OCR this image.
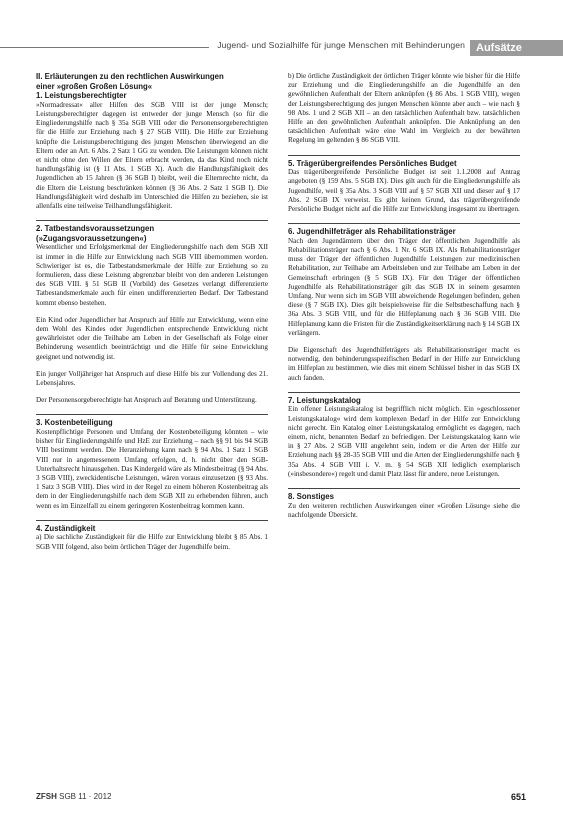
Jugend- und Sozialhilfe für junge Menschen mit Behinderungen	Aufsätze
II. Erläuterungen zu den rechtlichen Auswirkungen
einer »großen Großen Lösung«
1. Leistungsberechtigter

»Normadressat« aller Hilfen des SGB VIII ist der junge Mensch; Leistungsberechtigter dagegen ist entweder der junge Mensch (so für die Eingliederungshilfe nach § 35a SGB VIII oder die Personensorgeberechtigten für die Hilfe zur Erziehung nach § 27 SGB VIII). Die Hilfe zur Erziehung knüpfte die Leistungsberechtigung des jungen Menschen überwiegend an die Eltern oder an Art. 6 Abs. 2 Satz 1 GG zu wenden. Die Leistungen können nicht et nicht ohne den Willen der Eltern erbracht werden, da das Kind noch nicht handlungsfähig ist (§ 11 Abs. 1 SGB X). Auch die Handlungsfähigkeit des Jugendlichen ab 15 Jahren (§ 36 SGB I) bleibt, weil die Elternrechte nicht, da die Eltern die Leistung beschränken können (§ 36 Abs. 2 Satz 1 SGB I). Die Handlungsfähigkeit wird deshalb im Unterschied die Hilfen zu beziehen, sie ist allenfalls eine teilweise Teilhandlungsfähigkeit.

2. Tatbestandsvoraussetzungen
(»Zugangsvoraussetzungen«)

Wesentlicher und Erfolgsmerkmal der Eingliederungshilfe nach dem SGB XII ist immer in die Hilfe zur Entwicklung nach SGB VIII übernommen worden. Schwieriger ist es, die Tatbestandsmerkmale der Hilfe zur Erziehung so zu formulieren, dass diese Leistung abgrenzbar bleibt von den anderen Leistungen des SGB VIII. § 51 SGB II (Vorbild) des Gesetzes verlangt differenzierte Tatbestandsmerkmale auch für einen undifferenzierten Bedarf. Der Tatbestand kommt ebenso bestehen.

Ein Kind oder Jugendlicher hat Anspruch auf Hilfe zur Entwicklung, wenn eine dem Wohl des Kindes oder Jugendlichen entsprechende Entwicklung nicht gewährleistet oder die Teilhabe am Leben in der Gesellschaft als Folge einer Behinderung wesentlich beeinträchtigt und die Hilfe für seine Entwicklung geeignet und notwendig ist.

Ein junger Volljähriger hat Anspruch auf diese Hilfe bis zur Vollendung des 21. Lebensjahres.

Der Personensorgeberechtigte hat Anspruch auf Beratung und Unterstützung.

3. Kostenbeteiligung

Kostenpflichtige Personen und Umfang der Kostenbeteiligung könnten – wie bisher für Eingliederungshilfe und HzE zur Erziehung – nach §§ 91 bis 94 SGB VIII bestimmt werden. Die Heranziehung kann nach § 94 Abs. 1 Satz 1 SGB VIII nur in angemessenem Umfang erfolgen, d. h. nicht über den SGB-Unterhaltsrecht hinausgehen. Das Kindergeld wäre als Mindestbeitrag (§ 94 Abs. 3 SGB VIII), zweckidentische Leistungen, wären voraus einzusetzen (§ 93 Abs. 1 Satz 3 SGB VIII). Dies wird in der Regel zu einem höheren Kostenbeitrag als dem in der Eingliederungshilfe nach dem SGB XII zu erhebenden führen, auch wenn es im Einzelfall zu einem geringeren Kostenbeitrag kommen kann.

4. Zuständigkeit

a) Die sachliche Zuständigkeit für die Hilfe zur Entwicklung bleibt § 85 Abs. 1 SGB VIII folgend, also beim örtlichen Träger der Jugendhilfe beim.

b) Die örtliche Zuständigkeit der örtlichen Träger könnte wie bisher für die Hilfe zur Erziehung und die Eingliederungshilfe an die Jugendhilfe an den gewöhnlichen Aufenthalt der Eltern anknüpfen (§ 86 Abs. 1 SGB VIII), wegen der Leistungsberechtigung des jungen Menschen könnte aber auch – wie nach § 98 Abs. 1 und 2 SGB XII – an den tatsächlichen Aufenthalt bzw. tatsächlichen Hilfe an den gewöhnlichen Aufenthalt anknüpfen. Die Anknüpfung an den tatsächlichen Aufenthalt wäre eine Wahl im Vergleich zu der bewährten Regelung im geltenden § 86 SGB VIII.

5. Trägerübergreifendes Persönliches Budget

Das trägerübergreifende Persönliche Budget ist seit 1.1.2008 auf Antrag angeboten (§ 159 Abs. 5 SGB IX). Dies gilt auch für die Eingliederungshilfe als Jugendhilfe, weil § 35a Abs. 3 SGB VIII auf § 57 SGB XII und dieser auf § 17 Abs. 2 SGB IX verweist. Es gibt keinen Grund, das trägerübergreifende Persönliche Budget nicht auf die Hilfe zur Entwicklung insgesamt zu übertragen.

6. Jugendhilfeträger als Rehabilitationsträger

Nach den Jugendämtern über den Träger der öffentlichen Jugendhilfe als Rehabilitationsträger nach § 6 Abs. 1 Nr. 6 SGB IX. Als Rehabilitationsträger muss der Träger der öffentlichen Jugendhilfe Leistungen zur medizinischen Rehabilitation, zur Teilhabe am Arbeitsleben und zur Teilhabe am Leben in der Gemeinschaft erbringen (§ 5 SGB IX). Für den Träger der öffentlichen Jugendhilfe als Rehabilitationsträger gilt das SGB IX in seinem gesamten Umfang. Nur wenn sich im SGB VIII abweichende Regelungen befinden, gehen diese (§ 7 SGB IX). Dies gilt beispielsweise für die Selbstbeschaffung nach § 36a Abs. 3 SGB VIII, und für die Hilfeplanung nach § 36 SGB VIII. Die Hilfeplanung kann die Fristen für die Zuständigkeitserklärung nach § 14 SGB IX verlängern.

Die Eigenschaft des Jugendhilfeträgers als Rehabilitationsträger macht es notwendig, den behinderungsspezifischen Bedarf in der Hilfe zur Entwicklung im Hilfeplan zu bestimmen, wie dies mit einem Schlüssel bisher in das SGB IX auch fanden.

7. Leistungskatalog

Ein offener Leistungskatalog ist begrifflich nicht möglich. Ein »geschlossener Leistungskatalog« wird dem komplexen Bedarf in der Hilfe zur Entwicklung nicht gerecht. Ein Katalog einer Leistungskatalog ermöglicht es dagegen, nach einem, nicht, benannten Bedarf zu befriedigen. Der Leistungskatalog kann wie in § 27 Abs. 2 SGB VIII angelehnt sein, indem er die Arten der Hilfe zur Erziehung nach §§ 28-35 SGB VIII und die Arten der Eingliederungshilfe nach § 35a Abs. 4 SGB VIII i. V. m. § 54 SGB XII lediglich exemplarisch (»insbesondere«) regelt und damit Platz lässt für andere, neue Leistungen.

8. Sonstiges

Zu den weiteren rechtlichen Auswirkungen einer »Großen Lösung« siehe die nachfolgende Übersicht.

ZFSH SGB 11 · 2012	651
